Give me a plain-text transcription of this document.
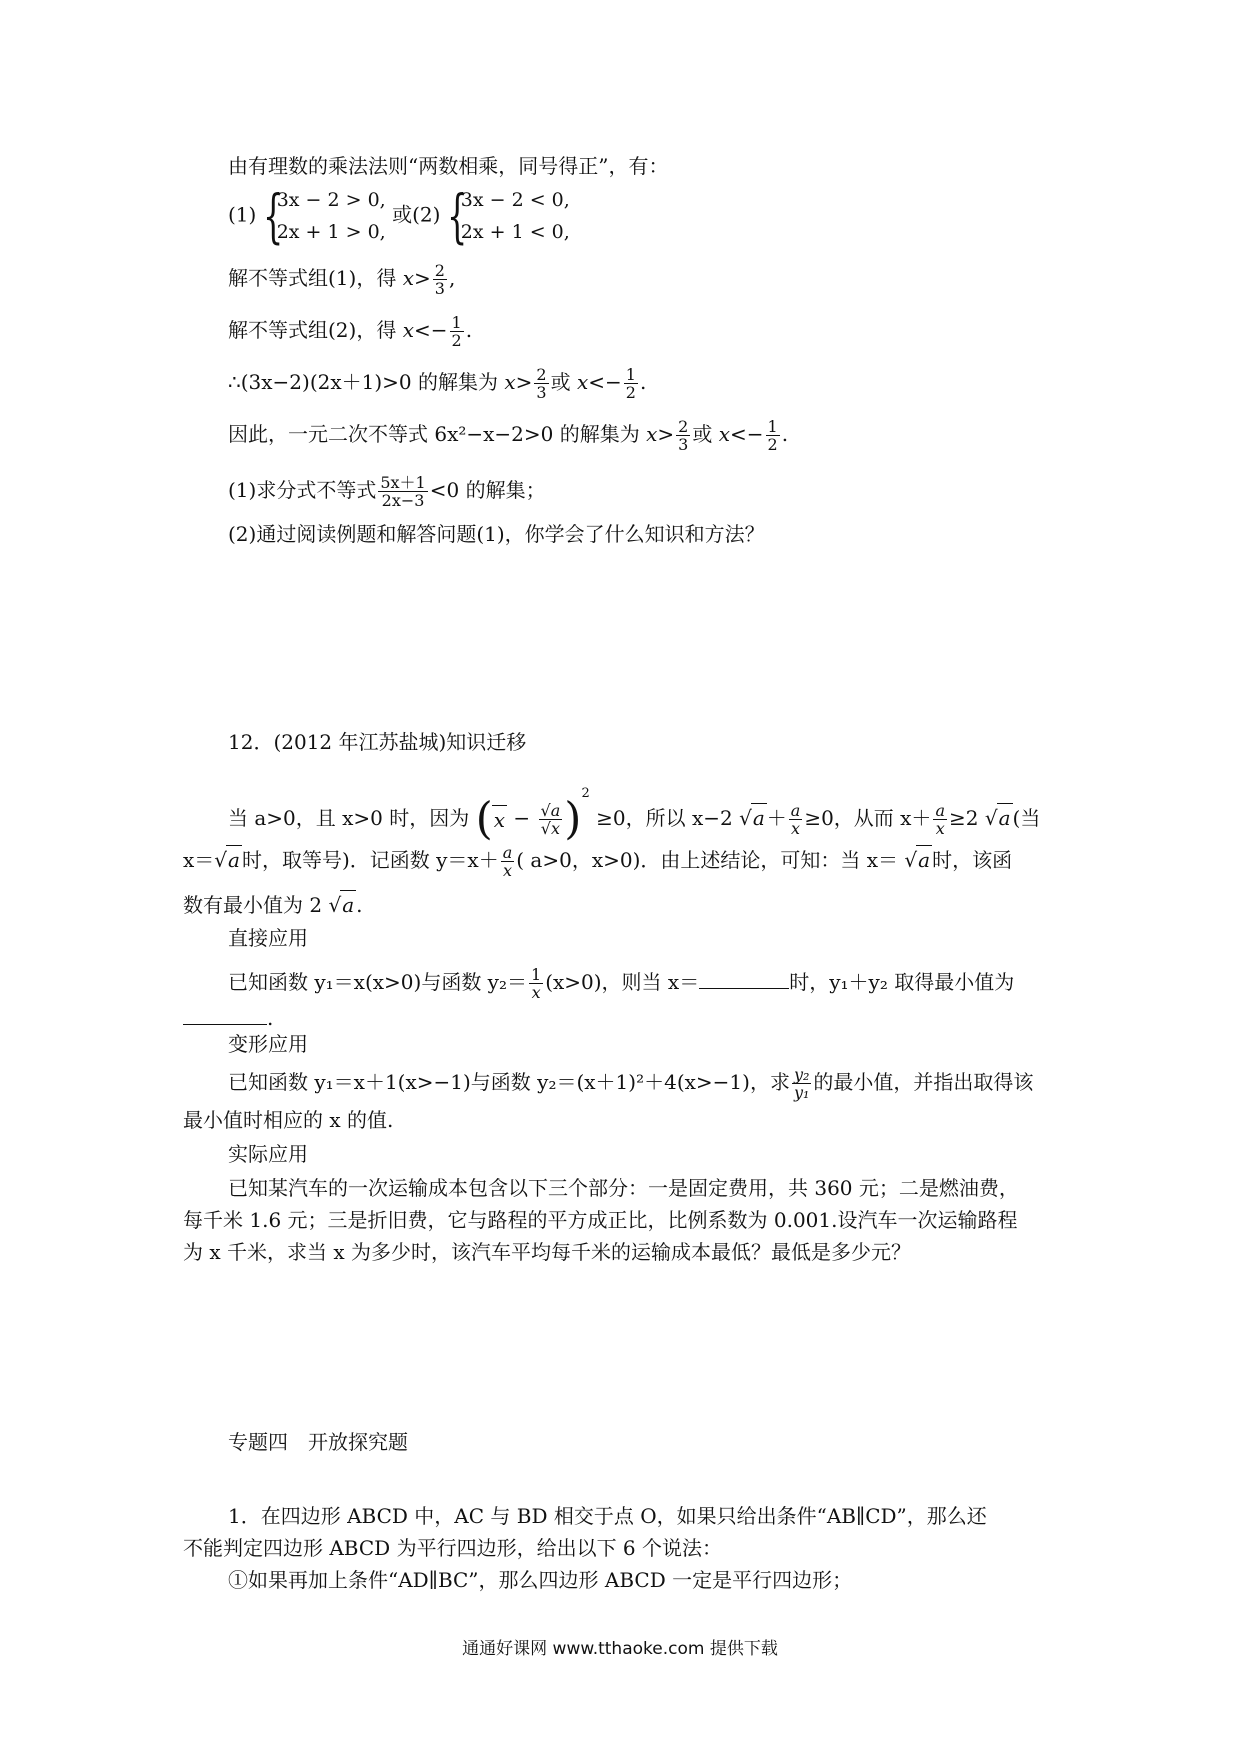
由有理数的乘法法则“两数相乘，同号得正”，有：
(1) {
3x − 2 > 0,
2x + 1 > 0,
或(2) {
3x − 2 < 0,
2x + 1 < 0,
解不等式组(1)，得 $x> \frac{2}{3}$ ,
解不等式组(2)，得 $x<- \frac{1}{2}$ .
∴(3x−2)(2x＋1)>0 的解集为 $x> \frac{2}{3}$ 或 $x<- \frac{1}{2}$ .
因此，一元二次不等式 6x²−x−2>0 的解集为 $x> \frac{2}{3}$ 或 $x<- \frac{1}{2}$ .
(1)求分式不等式 $\frac{5x+1}{2x-3} <0$ 的解集；
(2)通过阅读例题和解答问题(1)，你学会了什么知识和方法？
12．(2012 年江苏盐城)知识迁移
当 a>0，且 x>0 时，因为 $(x - \frac{√a}{√x} )^2 \ge 0$，所以 x−2 $√a + \frac{a}{x} \ge 0$，从而 $x+ \frac{a}{x} \ge 2$ √a (当
x＝√a 时，取等号)．记函数 $y=x+ \frac{a}{x}$ ( a>0，x>0)．由上述结论，可知：当 x＝ √a 时，该函
数有最小值为 2 √a .
直接应用
已知函数 y₁＝x(x>0)与函数 $y_2= \frac{1}{x} (x>0)$，则当 x＝	时，y₁＋y₂ 取得最小值为
.
变形应用
已知函数 y₁＝x＋1(x>−1)与函数 y₂＝(x＋1)²＋4(x>−1)，求 $\frac{\text{y₂}}{\text{y₁}}$ 的最小值，并指出取得该
最小值时相应的 x 的值.
实际应用
已知某汽车的一次运输成本包含以下三个部分：一是固定费用，共 360 元；二是燃油费，
每千米 1.6 元；三是折旧费，它与路程的平方成正比，比例系数为 0.001.设汽车一次运输路程
为 x 千米，求当 x 为多少时，该汽车平均每千米的运输成本最低？最低是多少元？
专题四　开放探究题
1．在四边形 ABCD 中，AC 与 BD 相交于点 O，如果只给出条件“AB∥CD”，那么还
不能判定四边形 ABCD 为平行四边形，给出以下 6 个说法：
①如果再加上条件“AD∥BC”，那么四边形 ABCD 一定是平行四边形；
通通好课网 www.tthaoke.com 提供下载
